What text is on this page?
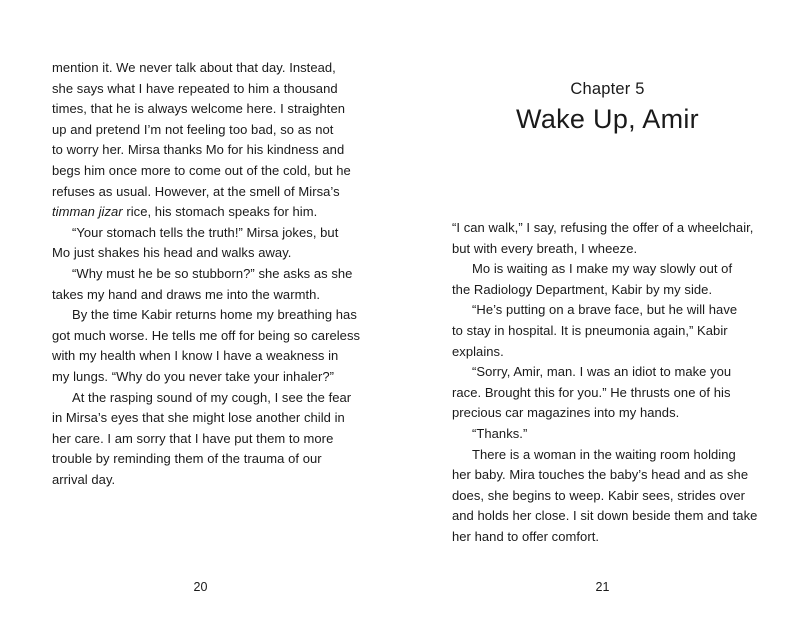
mention it. We never talk about that day. Instead,
she says what I have repeated to him a thousand
times, that he is always welcome here. I straighten
up and pretend I’m not feeling too bad, so as not
to worry her. Mirsa thanks Mo for his kindness and
begs him once more to come out of the cold, but he
refuses as usual. However, at the smell of Mirsa’s
timman jizar rice, his stomach speaks for him.
“Your stomach tells the truth!” Mirsa jokes, but
Mo just shakes his head and walks away.
“Why must he be so stubborn?” she asks as she
takes my hand and draws me into the warmth.
By the time Kabir returns home my breathing has
got much worse. He tells me off for being so careless
with my health when I know I have a weakness in
my lungs. “Why do you never take your inhaler?”
At the rasping sound of my cough, I see the fear
in Mirsa’s eyes that she might lose another child in
her care. I am sorry that I have put them to more
trouble by reminding them of the trauma of our
arrival day.
20
Chapter 5
Wake Up, Amir
“I can walk,” I say, refusing the offer of a wheelchair,
but with every breath, I wheeze.
Mo is waiting as I make my way slowly out of
the Radiology Department, Kabir by my side.
“He’s putting on a brave face, but he will have
to stay in hospital. It is pneumonia again,” Kabir
explains.
“Sorry, Amir, man. I was an idiot to make you
race. Brought this for you.” He thrusts one of his
precious car magazines into my hands.
“Thanks.”
There is a woman in the waiting room holding
her baby. Mira touches the baby’s head and as she
does, she begins to weep. Kabir sees, strides over
and holds her close. I sit down beside them and take
her hand to offer comfort.
21
